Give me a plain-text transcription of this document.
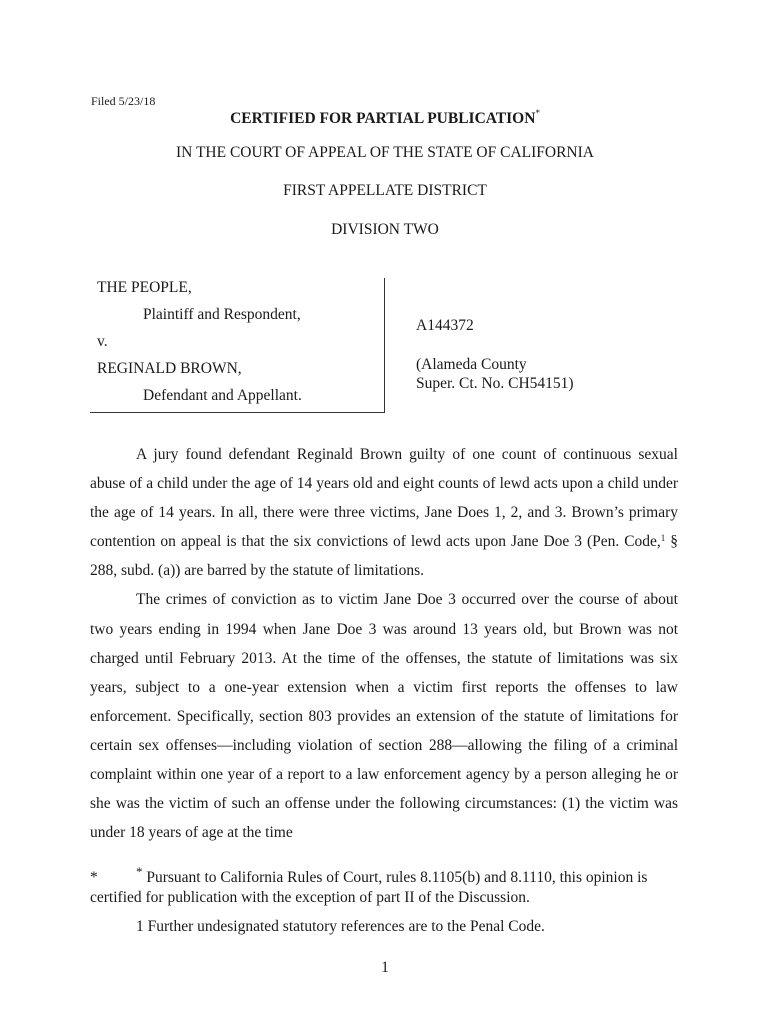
Filed 5/23/18
CERTIFIED FOR PARTIAL PUBLICATION*
IN THE COURT OF APPEAL OF THE STATE OF CALIFORNIA
FIRST APPELLATE DISTRICT
DIVISION TWO
THE PEOPLE,
Plaintiff and Respondent,
v.
REGINALD BROWN,
Defendant and Appellant.
A144372
(Alameda County
Super. Ct. No. CH54151)

A jury found defendant Reginald Brown guilty of one count of continuous sexual abuse of a child under the age of 14 years old and eight counts of lewd acts upon a child under the age of 14 years. In all, there were three victims, Jane Does 1, 2, and 3. Brown’s primary contention on appeal is that the six convictions of lewd acts upon Jane Doe 3 (Pen. Code,$^1$ § 288, subd. (a)) are barred by the statute of limitations.

The crimes of conviction as to victim Jane Doe 3 occurred over the course of about two years ending in 1994 when Jane Doe 3 was around 13 years old, but Brown was not charged until February 2013. At the time of the offenses, the statute of limitations was six years, subject to a one-year extension when a victim first reports the offenses to law enforcement. Specifically, section 803 provides an extension of the statute of limitations for certain sex offenses—including violation of section 288—allowing the filing of a criminal complaint within one year of a report to a law enforcement agency by a person alleging he or she was the victim of such an offense under the following circumstances: (1) the victim was under 18 years of age at the time

*	* Pursuant to California Rules of Court, rules 8.1105(b) and 8.1110, this opinion is certified for publication with the exception of part II of the Discussion.
1 Further undesignated statutory references are to the Penal Code.
1
